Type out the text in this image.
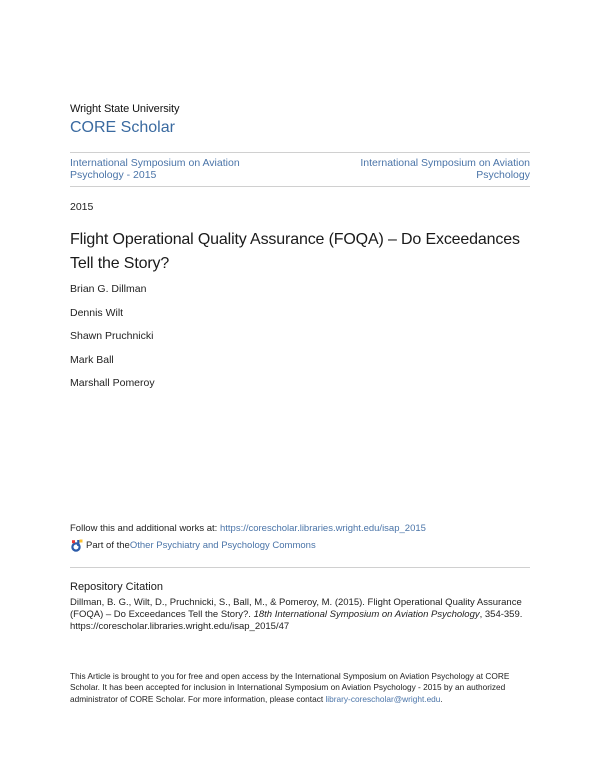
Wright State University
CORE Scholar
International Symposium on Aviation Psychology - 2015
International Symposium on Aviation Psychology
2015
Flight Operational Quality Assurance (FOQA) – Do Exceedances Tell the Story?
Brian G. Dillman
Dennis Wilt
Shawn Pruchnicki
Mark Ball
Marshall Pomeroy
Follow this and additional works at: https://corescholar.libraries.wright.edu/isap_2015
Part of the Other Psychiatry and Psychology Commons
Repository Citation
Dillman, B. G., Wilt, D., Pruchnicki, S., Ball, M., & Pomeroy, M. (2015). Flight Operational Quality Assurance (FOQA) – Do Exceedances Tell the Story?. 18th International Symposium on Aviation Psychology, 354-359.
https://corescholar.libraries.wright.edu/isap_2015/47
This Article is brought to you for free and open access by the International Symposium on Aviation Psychology at CORE Scholar. It has been accepted for inclusion in International Symposium on Aviation Psychology - 2015 by an authorized administrator of CORE Scholar. For more information, please contact library-corescholar@wright.edu.
